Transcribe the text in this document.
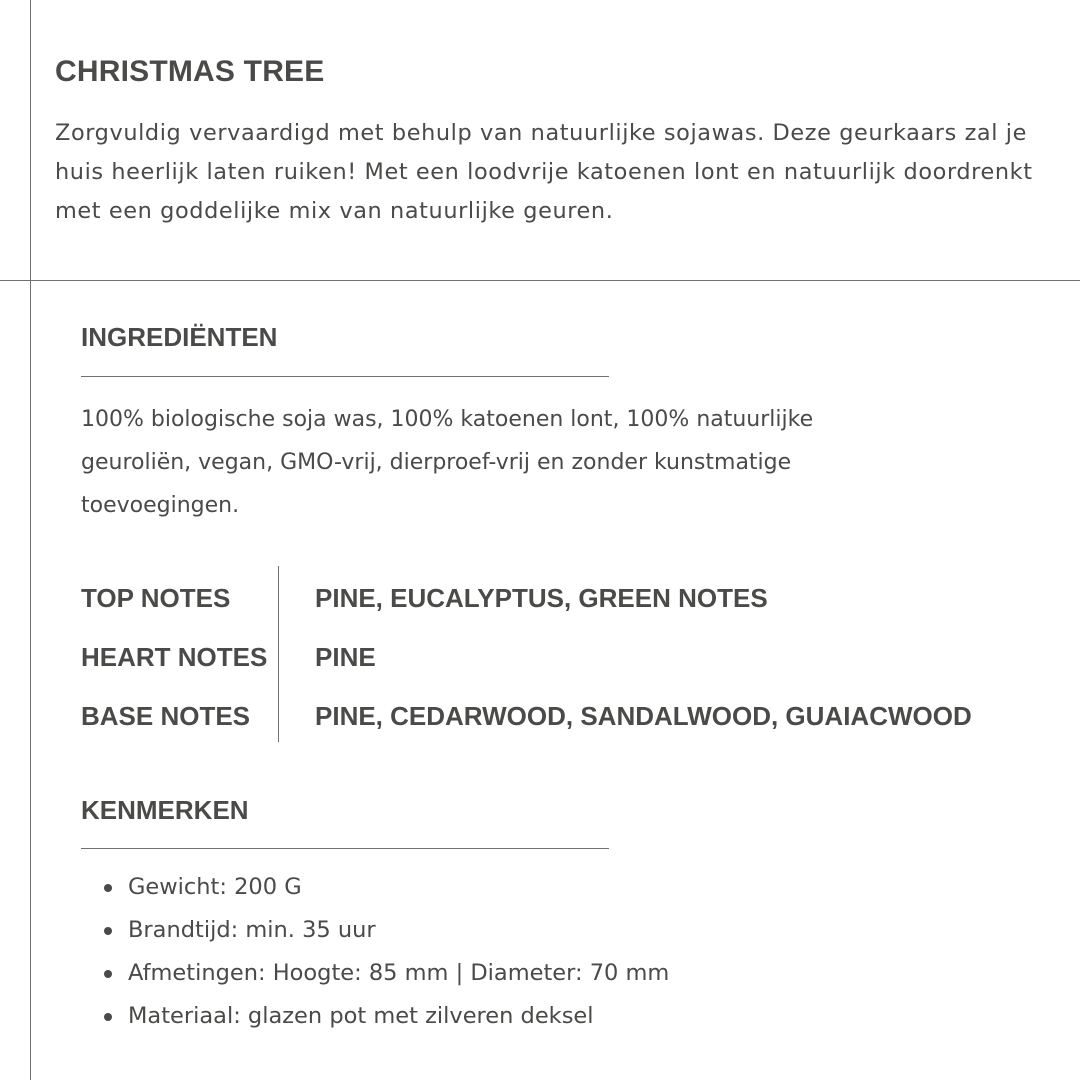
CHRISTMAS TREE

Zorgvuldig vervaardigd met behulp van natuurlijke sojawas. Deze geurkaars zal je huis heerlijk laten ruiken! Met een loodvrije katoenen lont en natuurlijk doordrenkt met een goddelijke mix van natuurlijke geuren.

INGREDIËNTEN

100% biologische soja was, 100% katoenen lont, 100% natuurlijke geuroliën, vegan, GMO-vrij, dierproef-vrij en zonder kunstmatige toevoegingen.

TOP NOTES	PINE, EUCALYPTUS, GREEN NOTES
HEART NOTES PINE
BASE NOTES PINE, CEDARWOOD, SANDALWOOD, GUAIACWOOD
KENMERKEN
Gewicht: 200 G
Brandtijd: min. 35 uur
Afmetingen: Hoogte: 85 mm | Diameter: 70 mm
Materiaal: glazen pot met zilveren deksel
